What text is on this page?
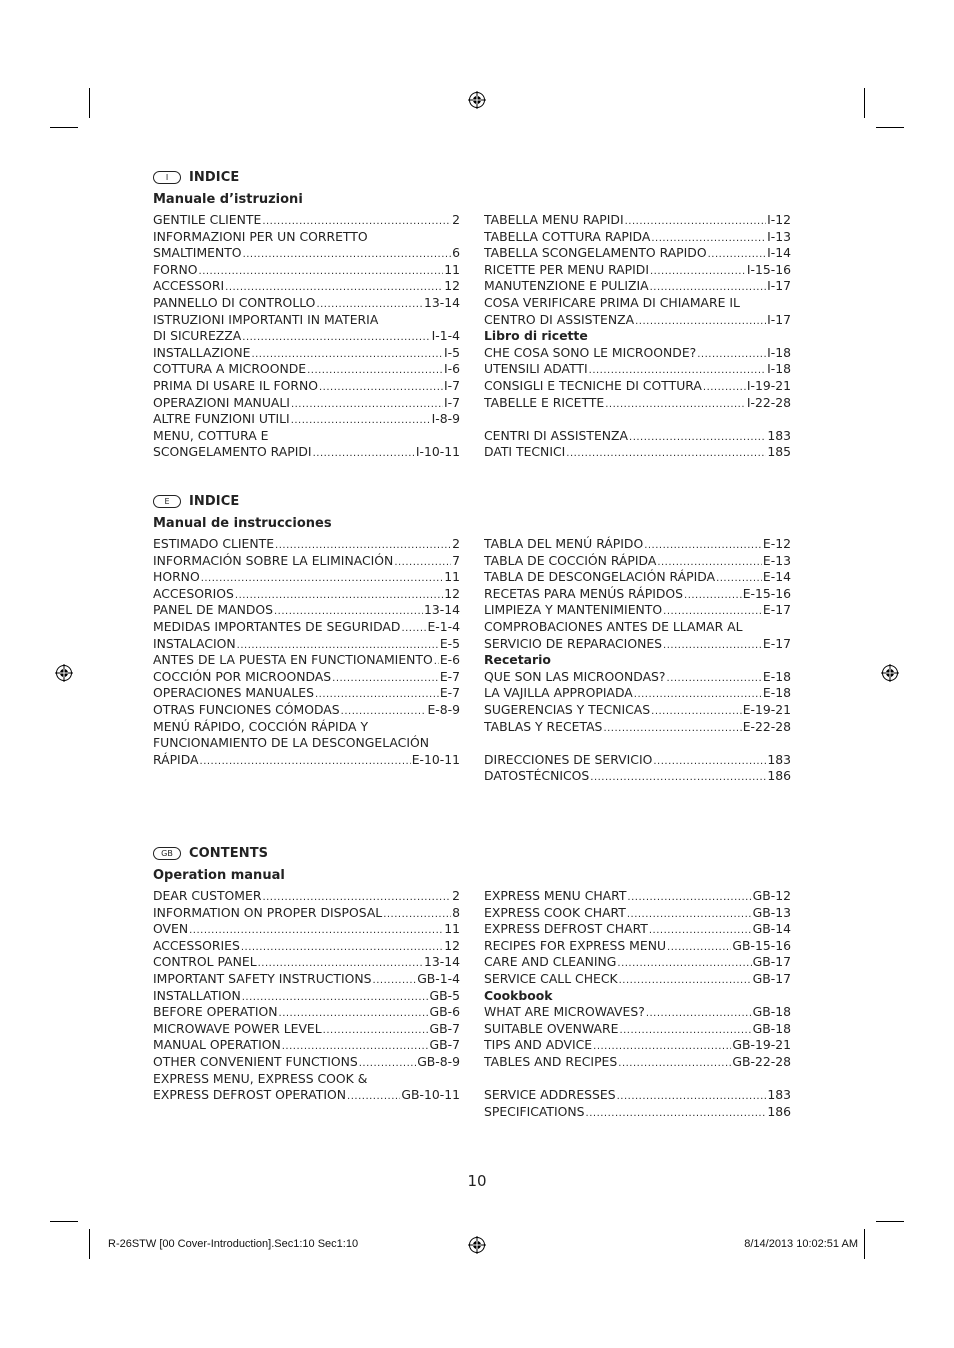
I	INDICE
Manuale d’istruzioni
GENTILE CLIENTE .....	2
INFORMAZIONI PER UN CORRETTO
SMALTIMENTO .....	6
FORNO .....	11
ACCESSORI .....	12
PANNELLO DI CONTROLLO .....	13-14
ISTRUZIONI IMPORTANTI IN MATERIA
DI SICUREZZA .....	I-1-4
INSTALLAZIONE .....	I-5
COTTURA A MICROONDE .....	I-6
PRIMA DI USARE IL FORNO .....	I-7
OPERAZIONI MANUALI .....	I-7
ALTRE FUNZIONI UTILI .....	I-8-9
MENU, COTTURA E
SCONGELAMENTO RAPIDI .....	I-10-11
TABELLA MENU RAPIDI .....	I-12
TABELLA COTTURA RAPIDA .....	I-13
TABELLA SCONGELAMENTO RAPIDO .....	I-14
RICETTE PER MENU RAPIDI .....	I-15-16
MANUTENZIONE E PULIZIA .....	I-17
COSA VERIFICARE PRIMA DI CHIAMARE IL
CENTRO DI ASSISTENZA .....	I-17
Libro di ricette
CHE COSA SONO LE MICROONDE? .....	I-18
UTENSILI ADATTI .....	I-18
CONSIGLI E TECNICHE DI COTTURA .....	I-19-21
TABELLE E RICETTE .....	I-22-28
CENTRI DI ASSISTENZA .....	183
DATI TECNICI .....	185
E	INDICE
Manual de instrucciones
ESTIMADO CLIENTE .....	2
INFORMACIÓN SOBRE LA ELIMINACIÓN .....	7
HORNO .....	11
ACCESORIOS .....	12
PANEL DE MANDOS .....	13-14
MEDIDAS IMPORTANTES DE SEGURIDAD ..... E-1-4
INSTALACION .....	E-5
ANTES DE LA PUESTA EN FUNCTIONAMIENTO ..... E-6
COCCIÓN POR MICROONDAS .....	E-7
OPERACIONES MANUALES .....	E-7
OTRAS FUNCIONES CÓMODAS .....	E-8-9
MENÚ RÁPIDO, COCCIÓN RÁPIDA Y
FUNCIONAMIENTO DE LA DESCONGELACIÓN
RÁPIDA .....	E-10-11
TABLA DEL MENÚ RÁPIDO .....	E-12
TABLA DE COCCIÓN RÁPIDA .....	E-13
TABLA DE DESCONGELACIÓN RÁPIDA .....	E-14
RECETAS PARA MENÚS RÁPIDOS .....	E-15-16
LIMPIEZA Y MANTENIMIENTO .....	E-17
COMPROBACIONES ANTES DE LLAMAR AL
SERVICIO DE REPARACIONES .....	E-17
Recetario
QUE SON LAS MICROONDAS? .....	E-18
LA VAJILLA APPROPIADA .....	E-18
SUGERENCIAS Y TECNICAS .....	E-19-21
TABLAS Y RECETAS .....	E-22-28
DIRECCIONES DE SERVICIO .....	183
DATOSTÉCNICOS .....	186
GB	CONTENTS
Operation manual
DEAR CUSTOMER .....	2
INFORMATION ON PROPER DISPOSAL .....	8
OVEN .....	11
ACCESSORIES .....	12
CONTROL PANEL .....	13-14
IMPORTANT SAFETY INSTRUCTIONS .....	GB-1-4
INSTALLATION .....	GB-5
BEFORE OPERATION .....	GB-6
MICROWAVE POWER LEVEL .....	GB-7
MANUAL OPERATION .....	GB-7
OTHER CONVENIENT FUNCTIONS .....	GB-8-9
EXPRESS MENU, EXPRESS COOK &
EXPRESS DEFROST OPERATION .....	GB-10-11
EXPRESS MENU CHART .....	GB-12
EXPRESS COOK CHART .....	GB-13
EXPRESS DEFROST CHART .....	GB-14
RECIPES FOR EXPRESS MENU .....	GB-15-16
CARE AND CLEANING .....	GB-17
SERVICE CALL CHECK .....	GB-17
Cookbook
WHAT ARE MICROWAVES? .....	GB-18
SUITABLE OVENWARE .....	GB-18
TIPS AND ADVICE .....	GB-19-21
TABLES AND RECIPES .....	GB-22-28
SERVICE ADDRESSES .....	183
SPECIFICATIONS .....	186
10
R-26STW [00 Cover-Introduction].Sec1:10 Sec1:10	8/14/2013 10:02:51 AM
